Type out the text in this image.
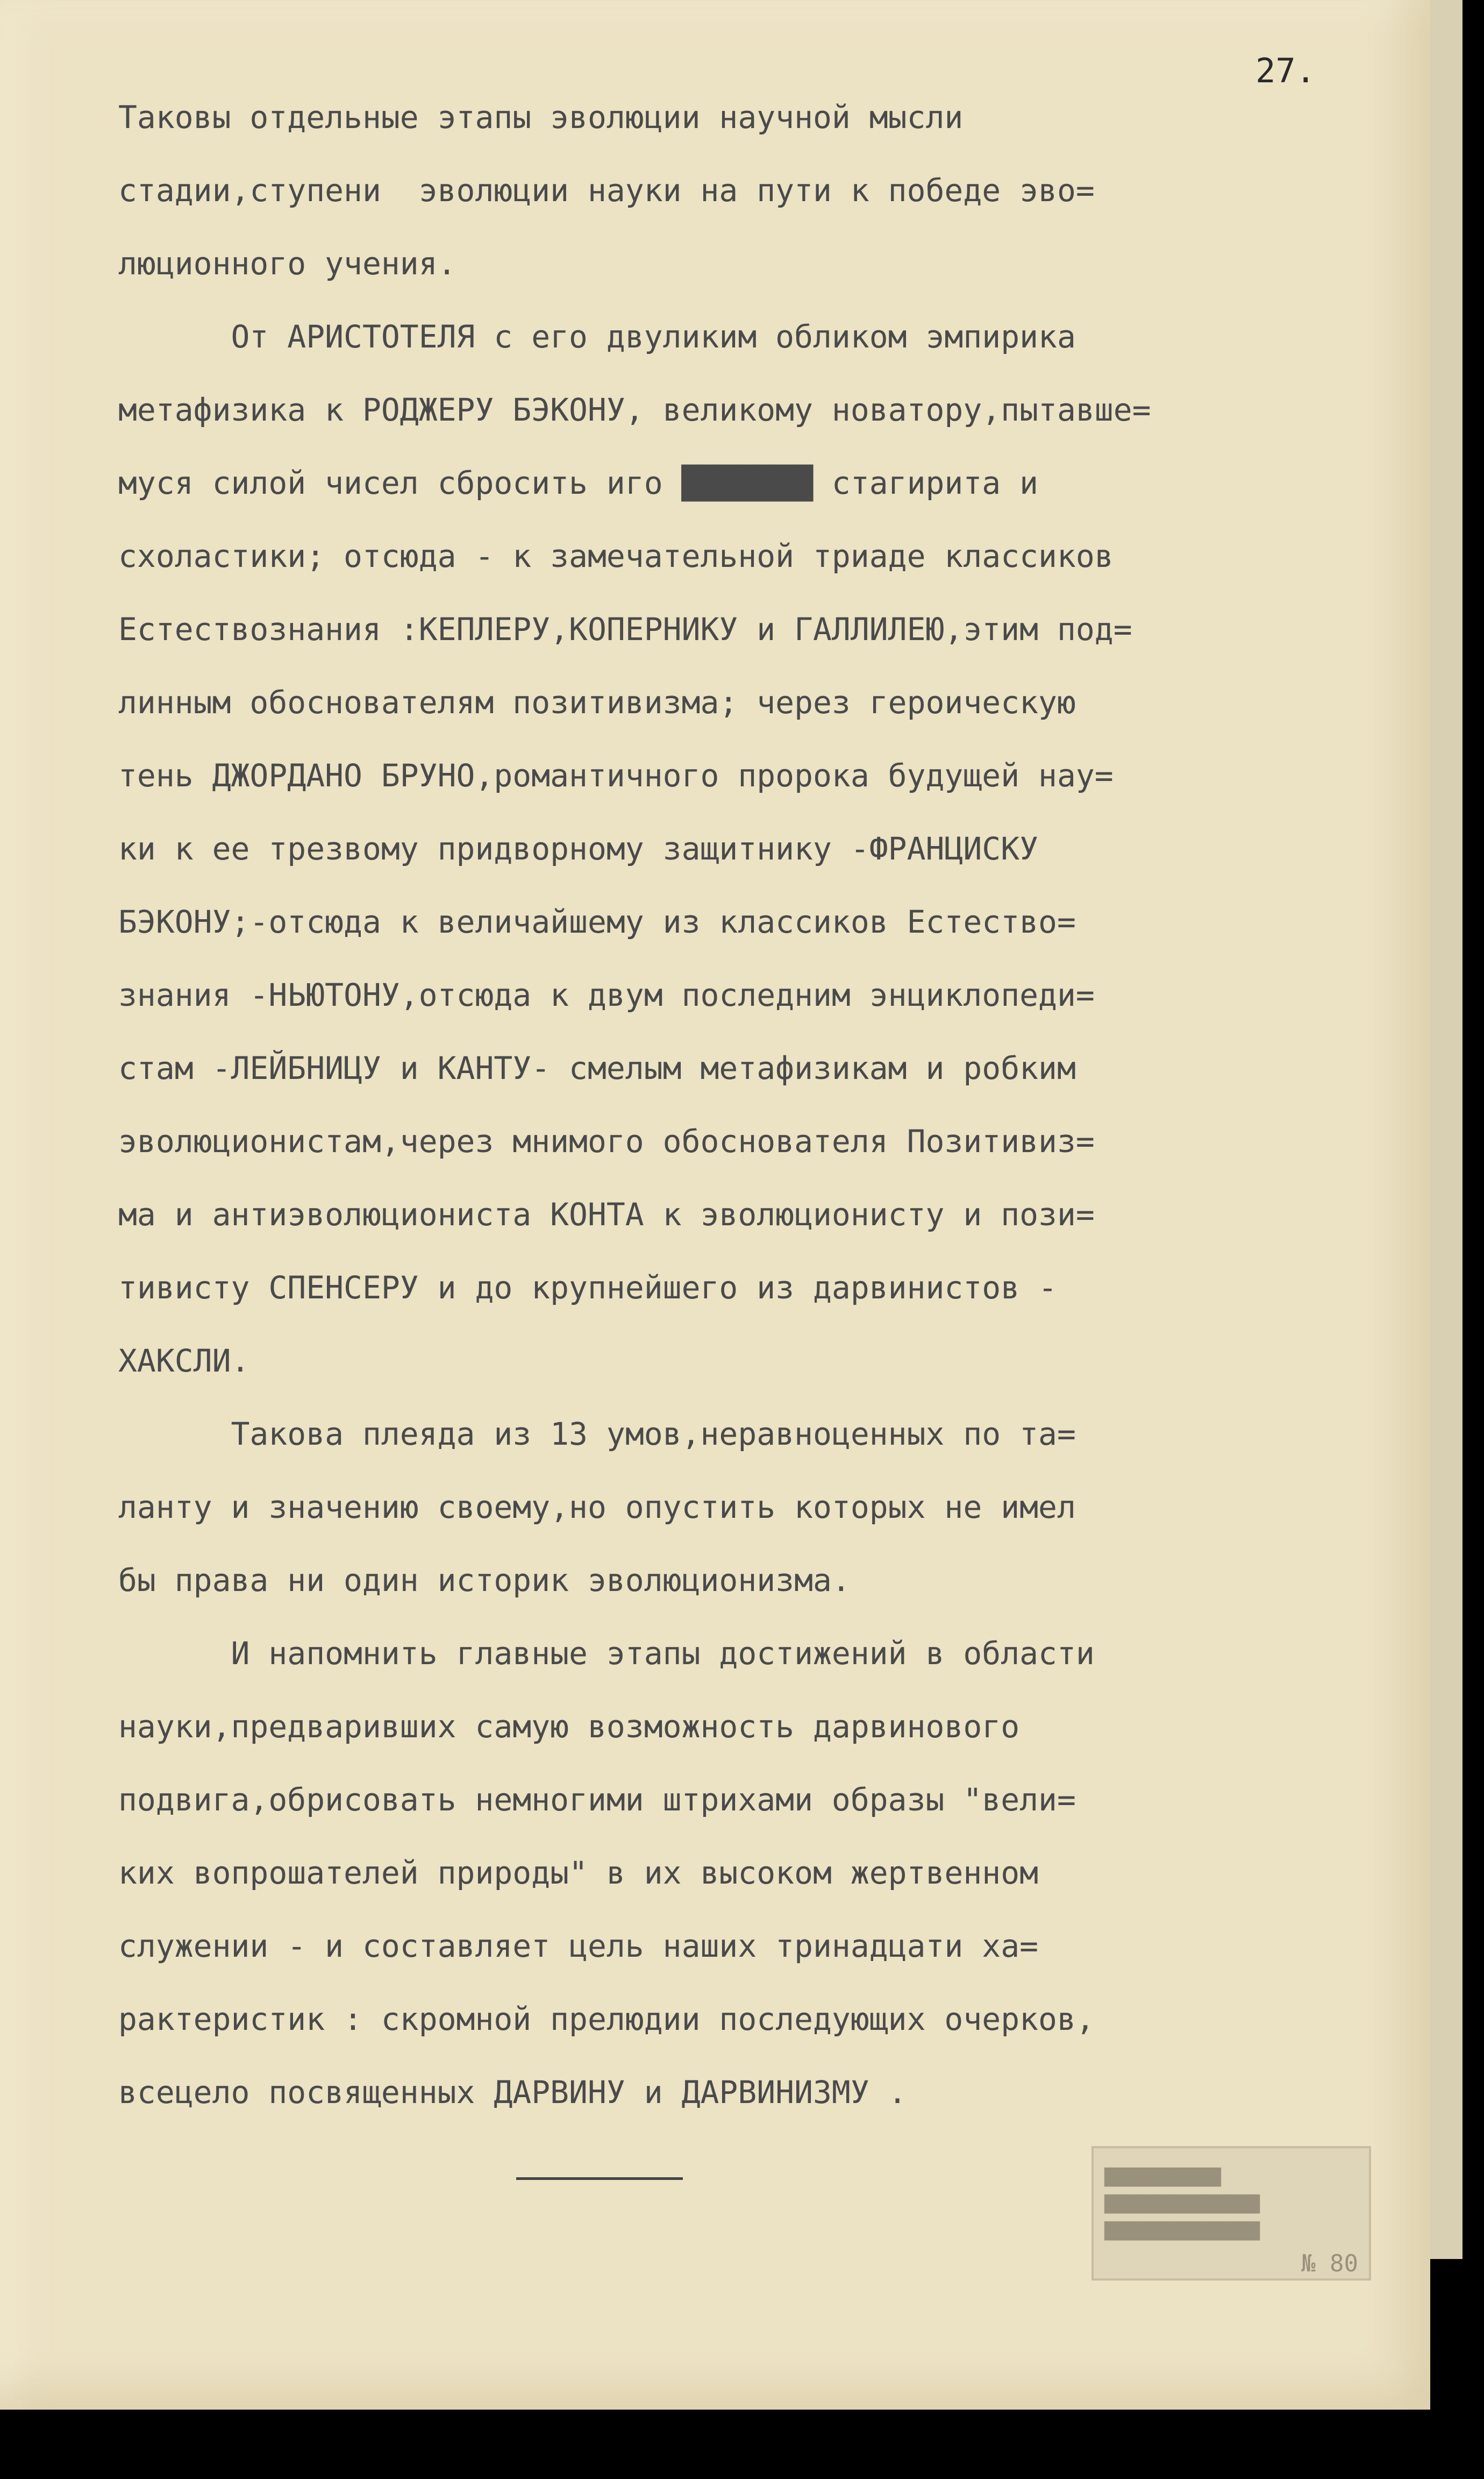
27.

Таковы отдельные этапы эволюции научной мысли
стадии,ступени  эволюции науки на пути к победе эво=
люционного учения.

От АРИСТОТЕЛЯ с его двуликим обликом эмпирика
метафизика к РОДЖЕРУ БЭКОНУ, великому новатору,пытавше=
муся силой чисел сбросить иго ███████ стагирита и
схоластики; отсюда - к замечательной триаде классиков
Естествознания :КЕПЛЕРУ,КОПЕРНИКУ и ГАЛЛИЛЕЮ,этим под=
линным обоснователям позитивизма; через героическую
тень ДЖОРДАНО БРУНО,романтичного пророка будущей нау=
ки к ее трезвому придворному защитнику -ФРАНЦИСКУ
БЭКОНУ;-отсюда к величайшему из классиков Естество=
знания -НЬЮТОНУ,отсюда к двум последним энциклопеди=
стам -ЛЕЙБНИЦУ и КАНТУ- смелым метафизикам и робким
эволюционистам,через мнимого обоснователя Позитивиз=
ма и антиэволюциониста КОНТА к эволюционисту и пози=
тивисту СПЕНСЕРУ и до крупнейшего из дарвинистов -
ХАКСЛИ.

Такова плеяда из 13 умов,неравноценных по та=
ланту и значению своему,но опустить которых не имел
бы права ни один историк эволюционизма.

И напомнить главные этапы достижений в области
науки,предваривших самую возможность дарвинового
подвига,обрисовать немногими штрихами образы "вели=
ких вопрошателей природы" в их высоком жертвенном
служении - и составляет цель наших тринадцати ха=
рактеристик : скромной прелюдии последующих очерков,
всецело посвященных ДАРВИНУ и ДАРВИНИЗМУ .

████████████
████████████████
████████████████
№ 80
